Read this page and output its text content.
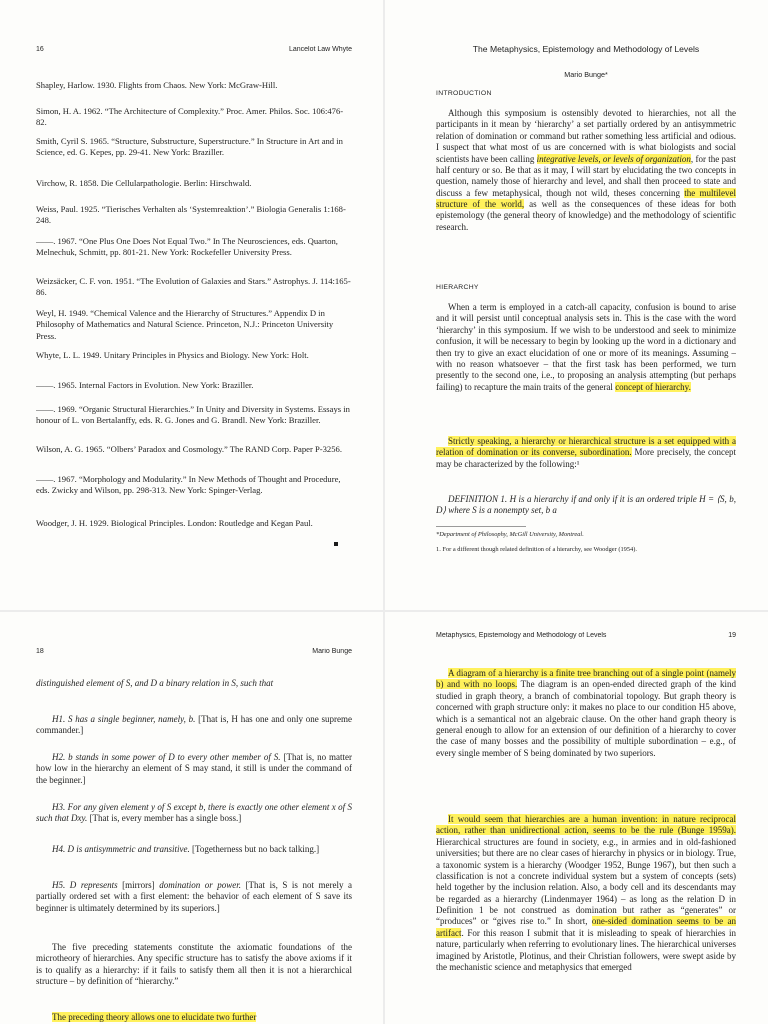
16	Lancelot Law Whyte
Shapley, Harlow. 1930. Flights from Chaos. New York: McGraw-Hill.
Simon, H. A. 1962. “The Architecture of Complexity.” Proc. Amer. Philos. Soc. 106:476-82.
Smith, Cyril S. 1965. “Structure, Substructure, Superstructure.” In Structure in Art and in Science, ed. G. Kepes, pp. 29-41. New York: Braziller.
Virchow, R. 1858. Die Cellularpathologie. Berlin: Hirschwald.
Weiss, Paul. 1925. “Tierisches Verhalten als ‘Systemreaktion’.” Biologia Generalis 1:168-248.
——. 1967. “One Plus One Does Not Equal Two.” In The Neurosciences, eds. Quarton, Melnechuk, Schmitt, pp. 801-21. New York: Rockefeller University Press.
Weizsäcker, C. F. von. 1951. “The Evolution of Galaxies and Stars.” Astrophys. J. 114:165-86.
Weyl, H. 1949. “Chemical Valence and the Hierarchy of Structures.” Appendix D in Philosophy of Mathematics and Natural Science. Princeton, N.J.: Princeton University Press.
Whyte, L. L. 1949. Unitary Principles in Physics and Biology. New York: Holt.
——. 1965. Internal Factors in Evolution. New York: Braziller.
——. 1969. “Organic Structural Hierarchies.” In Unity and Diversity in Systems. Essays in honour of L. von Bertalanffy, eds. R. G. Jones and G. Brandl. New York: Braziller.
Wilson, A. G. 1965. “Olbers’ Paradox and Cosmology.” The RAND Corp. Paper P-3256.
——. 1967. “Morphology and Modularity.” In New Methods of Thought and Procedure, eds. Zwicky and Wilson, pp. 298-313. New York: Spinger-Verlag.
Woodger, J. H. 1929. Biological Principles. London: Routledge and Kegan Paul.
The Metaphysics, Epistemology and Methodology of Levels
Mario Bunge*
INTRODUCTION
Although this symposium is ostensibly devoted to hierarchies, not all the participants in it mean by ‘hierarchy’ a set partially ordered by an antisymmetric relation of domination or command but rather something less artificial and odious. I suspect that what most of us are concerned with is what biologists and social scientists have been calling integrative levels, or levels of organization, for the past half century or so. Be that as it may, I will start by elucidating the two concepts in question, namely those of hierarchy and level, and shall then proceed to state and discuss a few metaphysical, though not wild, theses concerning the multilevel structure of the world, as well as the consequences of these ideas for both epistemology (the general theory of knowledge) and the methodology of scientific research.
HIERARCHY
When a term is employed in a catch-all capacity, confusion is bound to arise and it will persist until conceptual analysis sets in. This is the case with the word ‘hierarchy’ in this symposium. If we wish to be understood and seek to minimize confusion, it will be necessary to begin by looking up the word in a dictionary and then try to give an exact elucidation of one or more of its meanings. Assuming – with no reason whatsoever – that the first task has been performed, we turn presently to the second one, i.e., to proposing an analysis attempting (but perhaps failing) to recapture the main traits of the general concept of hierarchy.
Strictly speaking, a hierarchy or hierarchical structure is a set equipped with a relation of domination or its converse, subordination. More precisely, the concept may be characterized by the following:¹
DEFINITION 1. H is a hierarchy if and only if it is an ordered triple H = ⟨S, b, D⟩ where S is a nonempty set, b a
*Department of Philosophy, McGill University, Montreal.
1. For a different though related definition of a hierarchy, see Woodger (1954).
18	Mario Bunge
distinguished element of S, and D a binary relation in S, such that
H1. S has a single beginner, namely, b. [That is, H has one and only one supreme commander.]
H2. b stands in some power of D to every other member of S. [That is, no matter how low in the hierarchy an element of S may stand, it still is under the command of the beginner.]
H3. For any given element y of S except b, there is exactly one other element x of S such that Dxy. [That is, every member has a single boss.]
H4. D is antisymmetric and transitive. [Togetherness but no back talking.]
H5. D represents [mirrors] domination or power. [That is, S is not merely a partially ordered set with a first element: the behavior of each element of S save its beginner is ultimately determined by its superiors.]
The five preceding statements constitute the axiomatic foundations of the microtheory of hierarchies. Any specific structure has to satisfy the above axioms if it is to qualify as a hierarchy: if it fails to satisfy them all then it is not a hierarchical structure – by definition of “hierarchy.”
The preceding theory allows one to elucidate two further
Metaphysics, Epistemology and Methodology of Levels	19
A diagram of a hierarchy is a finite tree branching out of a single point (namely b) and with no loops. The diagram is an open-ended directed graph of the kind studied in graph theory, a branch of combinatorial topology. But graph theory is concerned with graph structure only: it makes no place to our condition H5 above, which is a semantical not an algebraic clause. On the other hand graph theory is general enough to allow for an extension of our definition of a hierarchy to cover the case of many bosses and the possibility of multiple subordination – e.g., of every single member of S being dominated by two superiors.
It would seem that hierarchies are a human invention: in nature reciprocal action, rather than unidirectional action, seems to be the rule (Bunge 1959a). Hierarchical structures are found in society, e.g., in armies and in old-fashioned universities; but there are no clear cases of hierarchy in physics or in biology. True, a taxonomic system is a hierarchy (Woodger 1952, Bunge 1967), but then such a classification is not a concrete individual system but a system of concepts (sets) held together by the inclusion relation. Also, a body cell and its descendants may be regarded as a hierarchy (Lindenmayer 1964) – as long as the relation D in Definition 1 be not construed as domination but rather as “generates” or “produces” or “gives rise to.” In short, one-sided domination seems to be an artifact. For this reason I submit that it is misleading to speak of hierarchies in nature, particularly when referring to evolutionary lines. The hierarchical universes imagined by Aristotle, Plotinus, and their Christian followers, were swept aside by the mechanistic science and metaphysics that emerged
